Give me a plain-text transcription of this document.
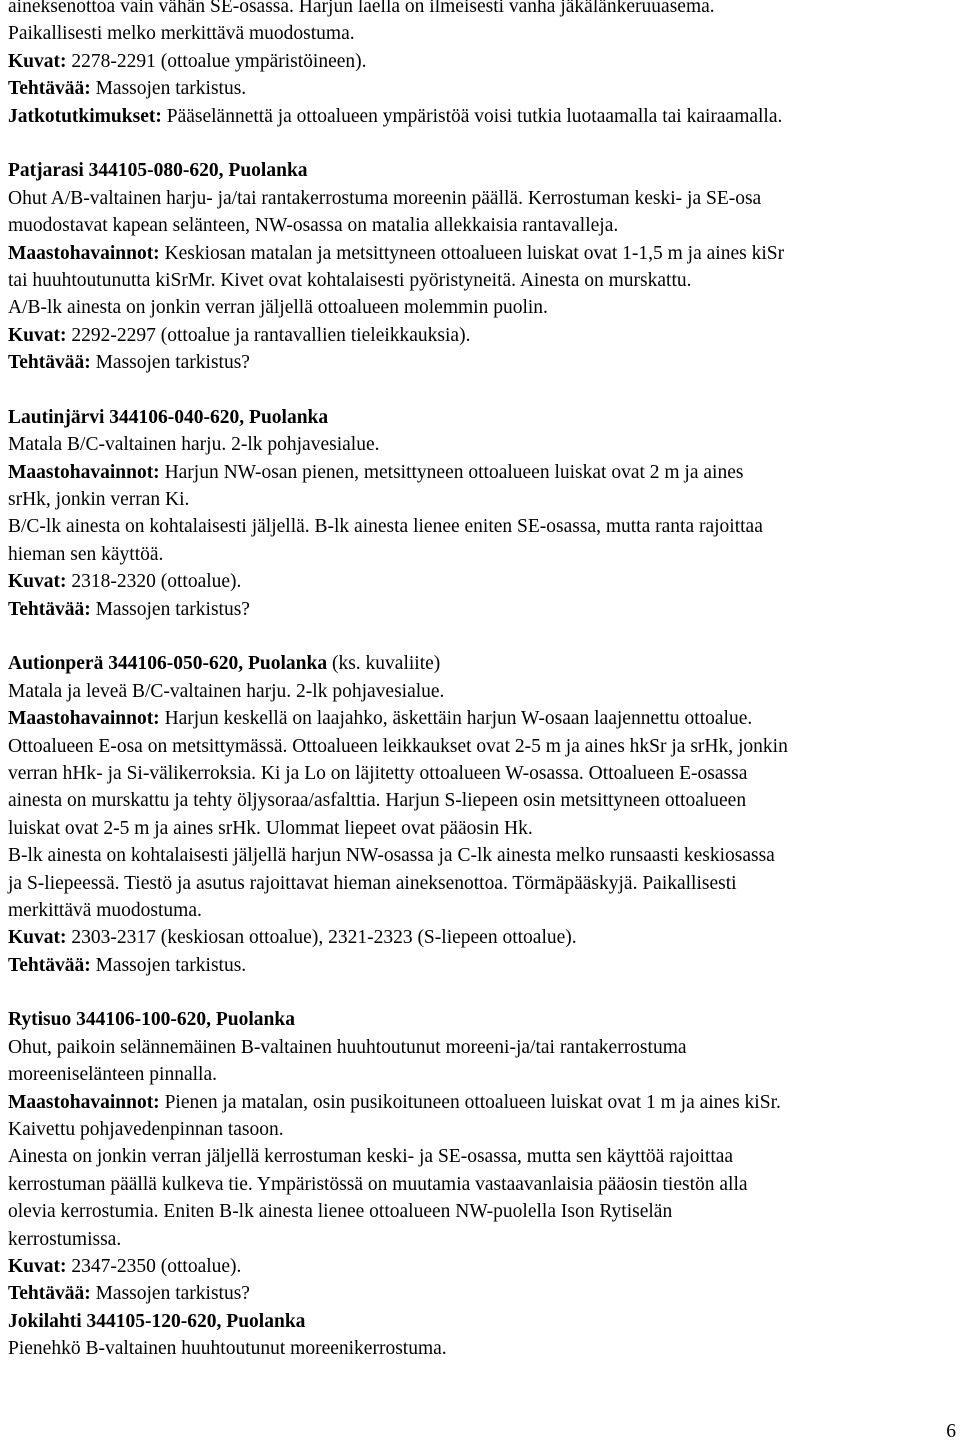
aineksenottoa vain vähän SE-osassa. Harjun laella on ilmeisesti vanha jäkälänkeruuasema.
Paikallisesti melko merkittävä muodostuma.
Kuvat: 2278-2291 (ottoalue ympäristöineen).
Tehtävää: Massojen tarkistus.
Jatkotutkimukset: Pääselännettä ja ottoalueen ympäristöä voisi tutkia luotaamalla tai kairaamalla.
Patjarasi 344105-080-620, Puolanka
Ohut A/B-valtainen harju- ja/tai rantakerrostuma moreenin päällä. Kerrostuman keski- ja SE-osa
muodostavat kapean selänteen, NW-osassa on matalia allekkaisia rantavalleja.
Maastohavainnot: Keskiosan matalan ja metsittyneen ottoalueen luiskat ovat 1-1,5 m ja aines kiSr
tai huuhtoutunutta kiSrMr. Kivet ovat kohtalaisesti pyöristyneitä. Ainesta on murskattu.
A/B-lk ainesta on jonkin verran jäljellä ottoalueen molemmin puolin.
Kuvat: 2292-2297 (ottoalue ja rantavallien tieleikkauksia).
Tehtävää: Massojen tarkistus?
Lautinjärvi 344106-040-620, Puolanka
Matala B/C-valtainen harju. 2-lk pohjavesialue.
Maastohavainnot: Harjun NW-osan pienen, metsittyneen ottoalueen luiskat ovat 2 m ja aines
srHk, jonkin verran Ki.
B/C-lk ainesta on kohtalaisesti jäljellä. B-lk ainesta lienee eniten SE-osassa, mutta ranta rajoittaa
hieman sen käyttöä.
Kuvat: 2318-2320 (ottoalue).
Tehtävää: Massojen tarkistus?
Autionperä 344106-050-620, Puolanka (ks. kuvaliite)
Matala ja leveä B/C-valtainen harju. 2-lk pohjavesialue.
Maastohavainnot: Harjun keskellä on laajahko, äskettäin harjun W-osaan laajennettu ottoalue.
Ottoalueen E-osa on metsittymässä. Ottoalueen leikkaukset ovat 2-5 m ja aines hkSr ja srHk, jonkin
verran hHk- ja Si-välikerroksia. Ki ja Lo on läjitetty ottoalueen W-osassa. Ottoalueen E-osassa
ainesta on murskattu ja tehty öljysoraa/asfalttia. Harjun S-liepeen osin metsittyneen ottoalueen
luiskat ovat 2-5 m ja aines srHk. Ulommat liepeet ovat pääosin Hk.
B-lk ainesta on kohtalaisesti jäljellä harjun NW-osassa ja C-lk ainesta melko runsaasti keskiosassa
ja S-liepeessä. Tiestö ja asutus rajoittavat hieman aineksenottoa. Törmäpääskyjä. Paikallisesti
merkittävä muodostuma.
Kuvat: 2303-2317 (keskiosan ottoalue), 2321-2323 (S-liepeen ottoalue).
Tehtävää: Massojen tarkistus.
Rytisuo 344106-100-620, Puolanka
Ohut, paikoin selännemäinen B-valtainen huuhtoutunut moreeni-ja/tai rantakerrostuma
moreeniselänteen pinnalla.
Maastohavainnot: Pienen ja matalan, osin pusikoituneen ottoalueen luiskat ovat 1 m ja aines kiSr.
Kaivettu pohjavedenpinnan tasoon.
Ainesta on jonkin verran jäljellä kerrostuman keski- ja SE-osassa, mutta sen käyttöä rajoittaa
kerrostuman päällä kulkeva tie. Ympäristössä on muutamia vastaavanlaisia pääosin tiestön alla
olevia kerrostumia. Eniten B-lk ainesta lienee ottoalueen NW-puolella Ison Rytiselän
kerrostumissa.
Kuvat: 2347-2350 (ottoalue).
Tehtävää: Massojen tarkistus?
Jokilahti 344105-120-620, Puolanka
Pienehkö B-valtainen huuhtoutunut moreenikerrostuma.
6
